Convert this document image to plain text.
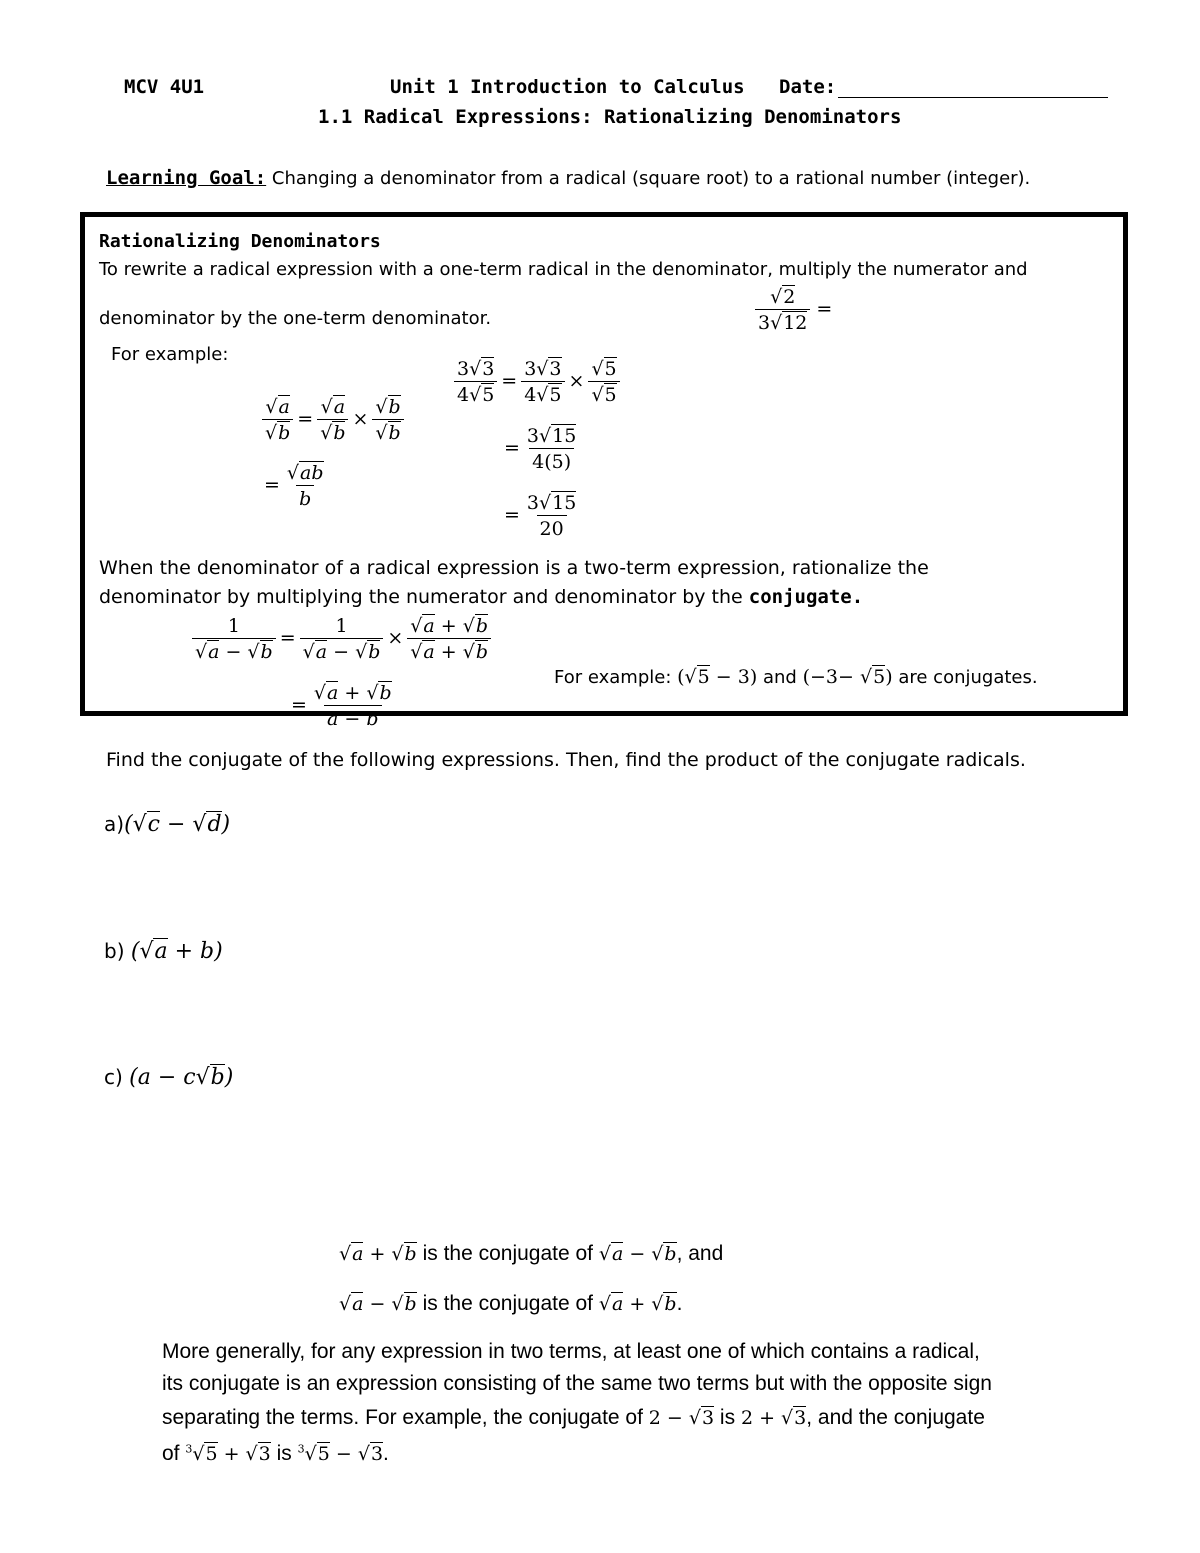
MCV 4U1	Unit 1 Introduction to Calculus Date:
1.1 Radical Expressions: Rationalizing Denominators
Learning Goal: Changing a denominator from a radical (square root) to a rational number (integer).
Rationalizing Denominators
To rewrite a radical expression with a one-term radical in the denominator, multiply the numerator and
denominator by the one-term denominator.
For example:
$\frac{√2}{3√12}$ =
$\frac{√a}{√b} = \frac{√a}{√b} \times \frac{√b}{√b}$
= $\frac{√ab}{b}$
$\frac{3√3}{4√5} = \frac{3√3}{4√5} \times \frac{√5}{√5}$
= $\frac{3√15}{4(5)}$
= $\frac{3√15}{20}$
When the denominator of a radical expression is a two-term expression, rationalize the
denominator by multiplying the numerator and denominator by the conjugate.
$\frac{1}{√a - √b} = \frac{1}{√a - √b} \times \frac{√a + √b}{√a + √b}$
= $\frac{√a + √b}{a - b}$
For example: (√5 − 3) and (−3− √5) are conjugates.
Find the conjugate of the following expressions. Then, find the product of the conjugate radicals.
a)(√c − √d)
b) (√a + b)
c) (a − c√b)
√a + √b is the conjugate of √a − √b, and
√a − √b is the conjugate of √a + √b.
More generally, for any expression in two terms, at least one of which contains a radical,
its conjugate is an expression consisting of the same two terms but with the opposite sign
separating the terms. For example, the conjugate of 2 − √3 is 2 + √3, and the conjugate
of $^3$√5 + √3 is $^3$√5 − √3.
